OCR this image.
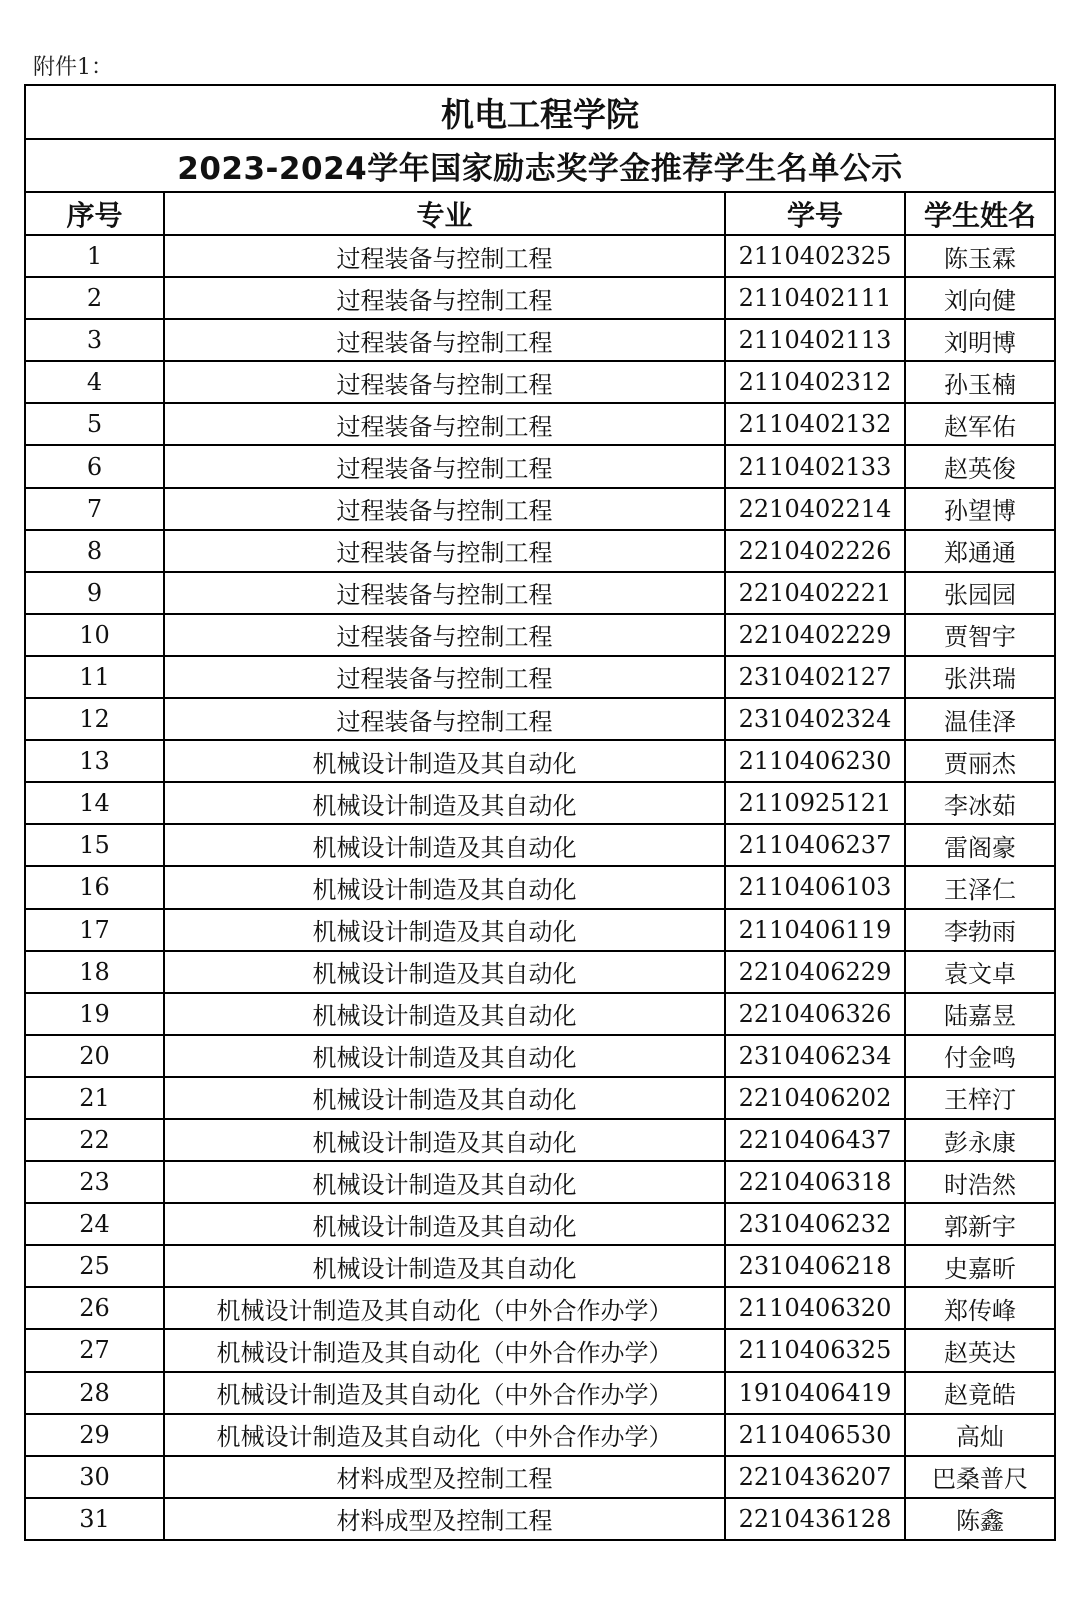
附件1：
机电工程学院
2023-2024学年国家励志奖学金推荐学生名单公示
序号	专业	学号	学生姓名
1	过程装备与控制工程	2110402325	陈玉霖
2	过程装备与控制工程	2110402111	刘向健
3	过程装备与控制工程	2110402113	刘明博
4	过程装备与控制工程	2110402312	孙玉楠
5	过程装备与控制工程	2110402132	赵军佑
6	过程装备与控制工程	2110402133	赵英俊
7	过程装备与控制工程	2210402214	孙望博
8	过程装备与控制工程	2210402226	郑通通
9	过程装备与控制工程	2210402221	张园园
10	过程装备与控制工程	2210402229	贾智宇
11	过程装备与控制工程	2310402127	张洪瑞
12	过程装备与控制工程	2310402324	温佳泽
13	机械设计制造及其自动化	2110406230	贾丽杰
14	机械设计制造及其自动化	2110925121	李冰茹
15	机械设计制造及其自动化	2110406237	雷阁豪
16	机械设计制造及其自动化	2110406103	王泽仁
17	机械设计制造及其自动化	2110406119	李勃雨
18	机械设计制造及其自动化	2210406229	袁文卓
19	机械设计制造及其自动化	2210406326	陆嘉昱
20	机械设计制造及其自动化	2310406234	付金鸣
21	机械设计制造及其自动化	2210406202	王梓汀
22	机械设计制造及其自动化	2210406437	彭永康
23	机械设计制造及其自动化	2210406318	时浩然
24	机械设计制造及其自动化	2310406232	郭新宇
25	机械设计制造及其自动化	2310406218	史嘉昕
26	机械设计制造及其自动化（中外合作办学）	2110406320	郑传峰
27	机械设计制造及其自动化（中外合作办学）	2110406325	赵英达
28	机械设计制造及其自动化（中外合作办学）	1910406419	赵竟皓
29	机械设计制造及其自动化（中外合作办学）	2110406530	高灿
30	材料成型及控制工程	2210436207	巴桑普尺
31	材料成型及控制工程	2210436128	陈鑫
